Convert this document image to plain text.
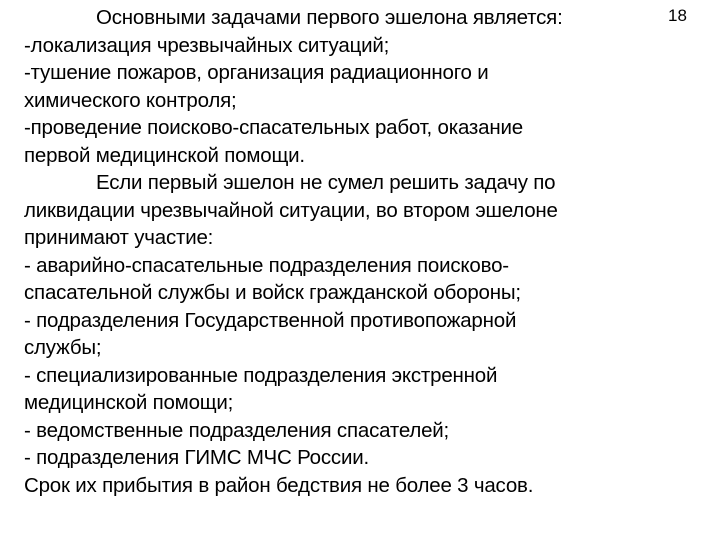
18
Основными задачами первого эшелона является:
-локализация чрезвычайных ситуаций;
-тушение пожаров, организация радиационного и
химического контроля;
-проведение поисково-спасательных работ, оказание
первой медицинской помощи.
Если первый эшелон не сумел решить задачу по
ликвидации чрезвычайной ситуации, во втором эшелоне
принимают участие:
- аварийно-спасательные подразделения поисково-
спасательной службы и войск гражданской обороны;
- подразделения Государственной противопожарной
службы;
- специализированные подразделения экстренной
медицинской помощи;
- ведомственные подразделения спасателей;
- подразделения ГИМС МЧС России.
Срок их прибытия в район бедствия не более 3 часов.
